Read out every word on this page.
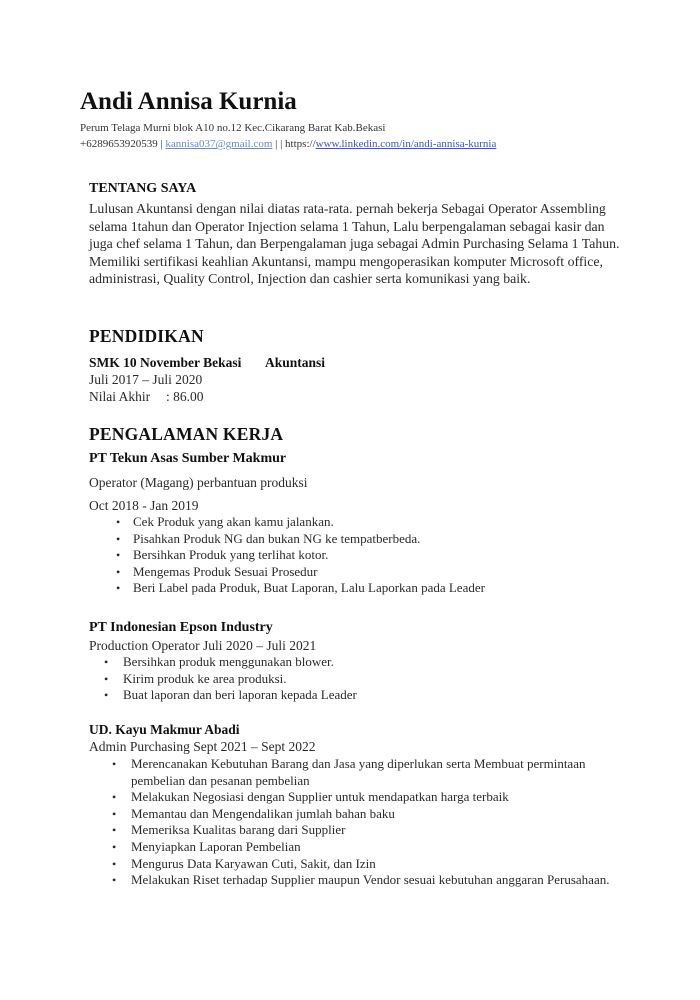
Andi Annisa Kurnia
Perum Telaga Murni blok A10 no.12 Kec.Cikarang Barat Kab.Bekasi
+6289653920539 | kannisa037@gmail.com | | https://www.linkedin.com/in/andi-annisa-kurnia
TENTANG SAYA
Lulusan Akuntansi dengan nilai diatas rata-rata. pernah bekerja Sebagai Operator Assembling selama 1tahun dan Operator Injection selama 1 Tahun, Lalu berpengalaman sebagai kasir dan juga chef selama 1 Tahun, dan Berpengalaman juga sebagai Admin Purchasing Selama 1 Tahun. Memiliki sertifikasi keahlian Akuntansi, mampu mengoperasikan komputer Microsoft office, administrasi, Quality Control, Injection dan cashier serta komunikasi yang baik.
PENDIDIKAN
SMK 10 November Bekasi Akuntansi
Juli 2017 – Juli 2020
Nilai Akhir : 86.00
PENGALAMAN KERJA
PT Tekun Asas Sumber Makmur
Operator (Magang) perbantuan produksi
Oct 2018 - Jan 2019
• Cek Produk yang akan kamu jalankan.
• Pisahkan Produk NG dan bukan NG ke tempatberbeda.
• Bersihkan Produk yang terlihat kotor.
• Mengemas Produk Sesuai Prosedur
• Beri Label pada Produk, Buat Laporan, Lalu Laporkan pada Leader
PT Indonesian Epson Industry
Production Operator Juli 2020 – Juli 2021
• Bersihkan produk menggunakan blower.
• Kirim produk ke area produksi.
• Buat laporan dan beri laporan kepada Leader
UD. Kayu Makmur Abadi
Admin Purchasing Sept 2021 – Sept 2022
• Merencanakan Kebutuhan Barang dan Jasa yang diperlukan serta Membuat permintaan pembelian dan pesanan pembelian
• Melakukan Negosiasi dengan Supplier untuk mendapatkan harga terbaik
• Memantau dan Mengendalikan jumlah bahan baku
• Memeriksa Kualitas barang dari Supplier
• Menyiapkan Laporan Pembelian
• Mengurus Data Karyawan Cuti, Sakit, dan Izin
• Melakukan Riset terhadap Supplier maupun Vendor sesuai kebutuhan anggaran Perusahaan.
